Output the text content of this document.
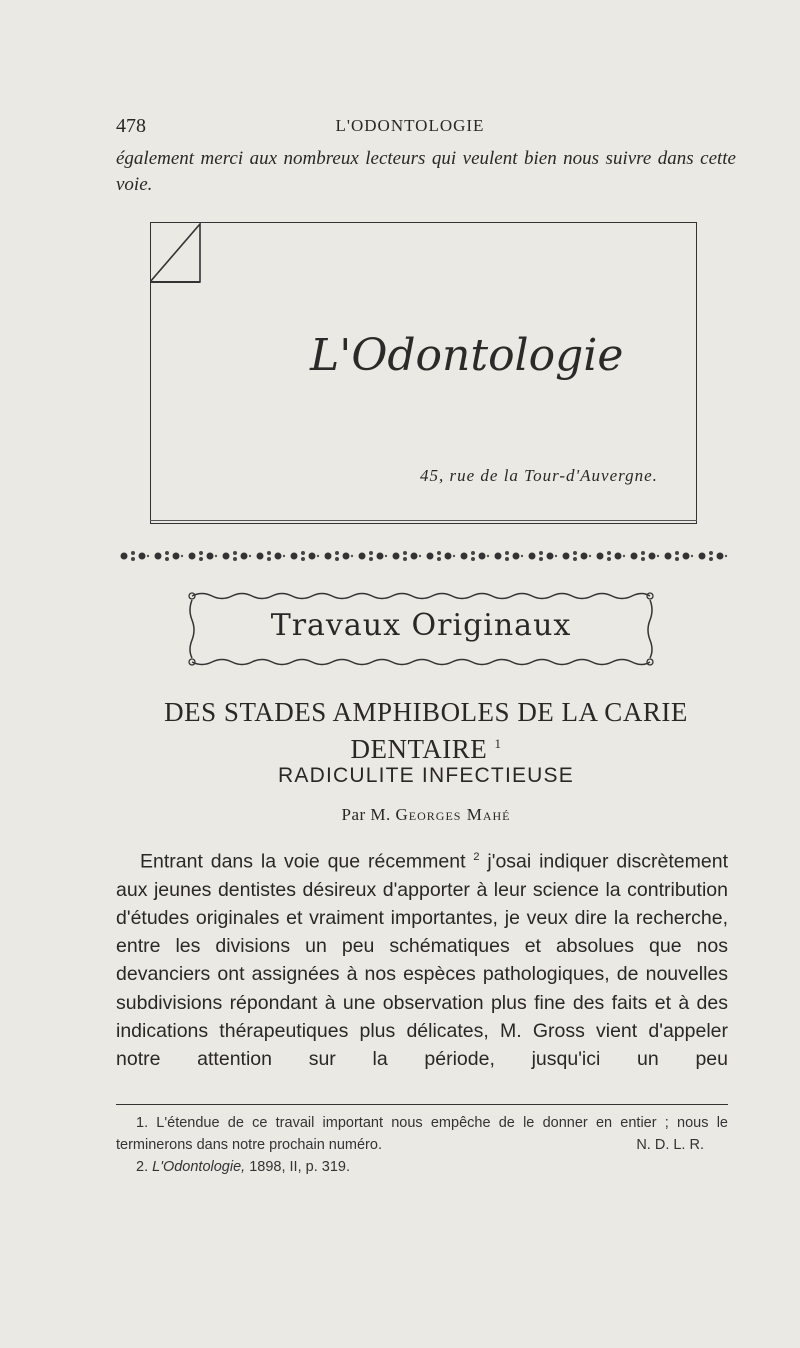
478	L'ODONTOLOGIE
également merci aux nombreux lecteurs qui veulent bien nous suivre dans cette voie.
L'Odontologie
45, rue de la Tour-d'Auvergne.
Travaux Originaux
DES STADES AMPHIBOLES DE LA CARIE DENTAIRE $^1$
RADICULITE INFECTIEUSE
Par M. Georges Mahé

Entrant dans la voie que récemment $^2$ j'osai indiquer discrètement aux jeunes dentistes désireux d'apporter à leur science la contribution d'études originales et vraiment importantes, je veux dire la recherche, entre les divisions un peu schématiques et absolues que nos devanciers ont assignées à nos espèces pathologiques, de nouvelles subdivisions répondant à une observation plus fine des faits et à des indications thérapeutiques plus délicates, M. Gross vient d'appeler notre attention sur la période, jusqu'ici un peu

1. L'étendue de ce travail important nous empêche de le donner en entier ; nous le terminerons dans notre prochain numéro.	N. D. L. R.
2. L'Odontologie, 1898, II, p. 319.
